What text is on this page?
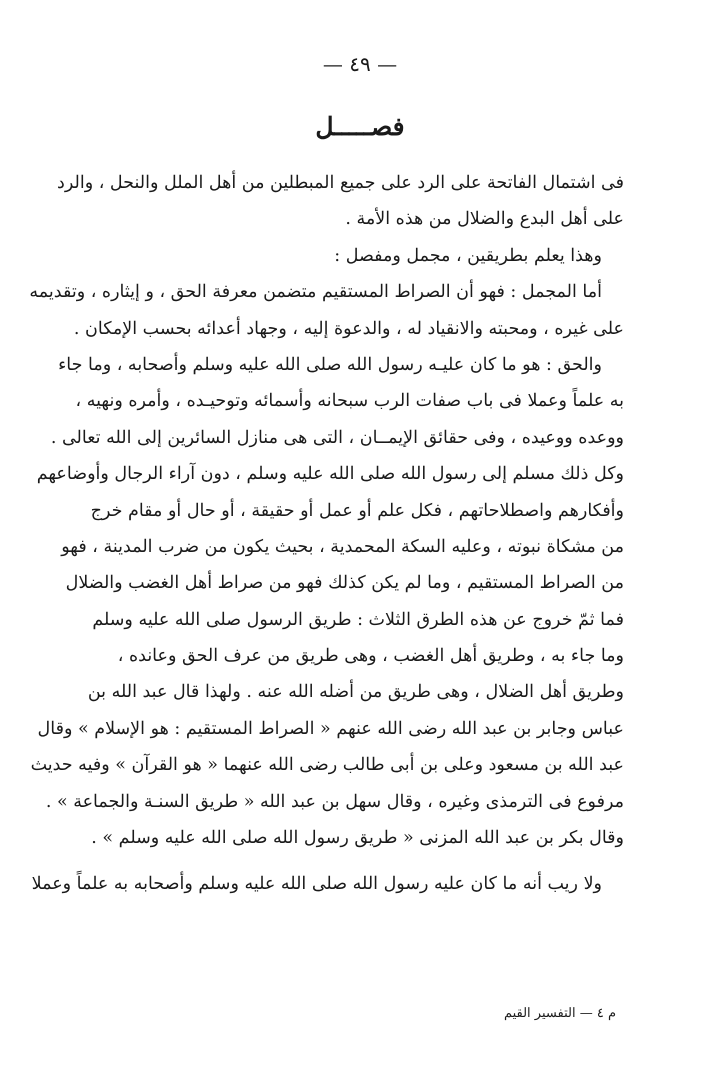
— ٤٩ —
فصـــــل
فى اشتمال الفاتحة على الرد على جميع المبطلين من أهل الملل والنحل ، والرد
على أهل البدع والضلال من هذه الأمة .
وهذا يعلم بطريقين ، مجمل ومفصل :
أما المجمل : فهو أن الصراط المستقيم متضمن معرفة الحق ، و إيثاره ، وتقديمه
على غيره ، ومحبته والانقياد له ، والدعوة إليه ، وجهاد أعدائه بحسب الإمكان .
والحق : هو ما كان عليـه رسول الله صلى الله عليه وسلم وأصحابه ، وما جاء
به علماً وعملا فى باب صفات الرب سبحانه وأسمائه وتوحيـده ، وأمره ونهيه ،
ووعده ووعيده ، وفى حقائق الإيمــان ، التى هى منازل السائرين إلى الله تعالى .
وكل ذلك مسلم إلى رسول الله صلى الله عليه وسلم ، دون آراء الرجال وأوضاعهم
وأفكارهم واصطلاحاتهم ، فكل علم أو عمل أو حقيقة ، أو حال أو مقام خرج
من مشكاة نبوته ، وعليه السكة المحمدية ، بحيث يكون من ضرب المدينة ، فهو
من الصراط المستقيم ، وما لم يكن كذلك فهو من صراط أهل الغضب والضلال
فما ثمّ خروج عن هذه الطرق الثلاث : طريق الرسول صلى الله عليه وسلم
وما جاء به ، وطريق أهل الغضب ، وهى طريق من عرف الحق وعانده ،
وطريق أهل الضلال ، وهى طريق من أضله الله عنه . ولهذا قال عبد الله بن
عباس وجابر بن عبد الله رضى الله عنهم « الصراط المستقيم : هو الإسلام » وقال
عبد الله بن مسعود وعلى بن أبى طالب رضى الله عنهما « هو القرآن » وفيه حديث
مرفوع فى الترمذى وغيره ، وقال سهل بن عبد الله « طريق السنـة والجماعة » .
وقال بكر بن عبد الله المزنى « طريق رسول الله صلى الله عليه وسلم » .
ولا ريب أنه ما كان عليه رسول الله صلى الله عليه وسلم وأصحابه به علماً وعملا
م ٤ — التفسير القيم
